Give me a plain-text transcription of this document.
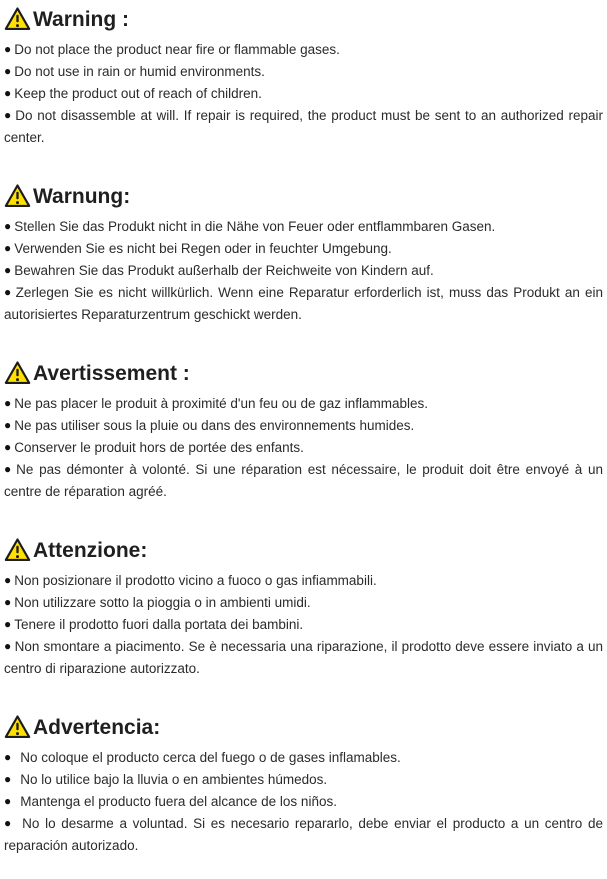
Warning :

● Do not place the product near fire or flammable gases.

● Do not use in rain or humid environments.

● Keep the product out of reach of children.

● Do not disassemble at will. If repair is required, the product must be sent to an authorized repair center.

Warnung:

● Stellen Sie das Produkt nicht in die Nähe von Feuer oder entflammbaren Gasen.

● Verwenden Sie es nicht bei Regen oder in feuchter Umgebung.

● Bewahren Sie das Produkt außerhalb der Reichweite von Kindern auf.

● Zerlegen Sie es nicht willkürlich. Wenn eine Reparatur erforderlich ist, muss das Produkt an ein autorisiertes Reparaturzentrum geschickt werden.

Avertissement :

● Ne pas placer le produit à proximité d'un feu ou de gaz inflammables.

● Ne pas utiliser sous la pluie ou dans des environnements humides.

● Conserver le produit hors de portée des enfants.

● Ne pas démonter à volonté. Si une réparation est nécessaire, le produit doit être envoyé à un centre de réparation agréé.

Attenzione:

● Non posizionare il prodotto vicino a fuoco o gas infiammabili.

● Non utilizzare sotto la pioggia o in ambienti umidi.

● Tenere il prodotto fuori dalla portata dei bambini.

● Non smontare a piacimento. Se è necessaria una riparazione, il prodotto deve essere inviato a un centro di riparazione autorizzato.

Advertencia:

● No coloque el producto cerca del fuego o de gases inflamables.

● No lo utilice bajo la lluvia o en ambientes húmedos.

● Mantenga el producto fuera del alcance de los niños.

● No lo desarme a voluntad. Si es necesario repararlo, debe enviar el producto a un centro de reparación autorizado.
